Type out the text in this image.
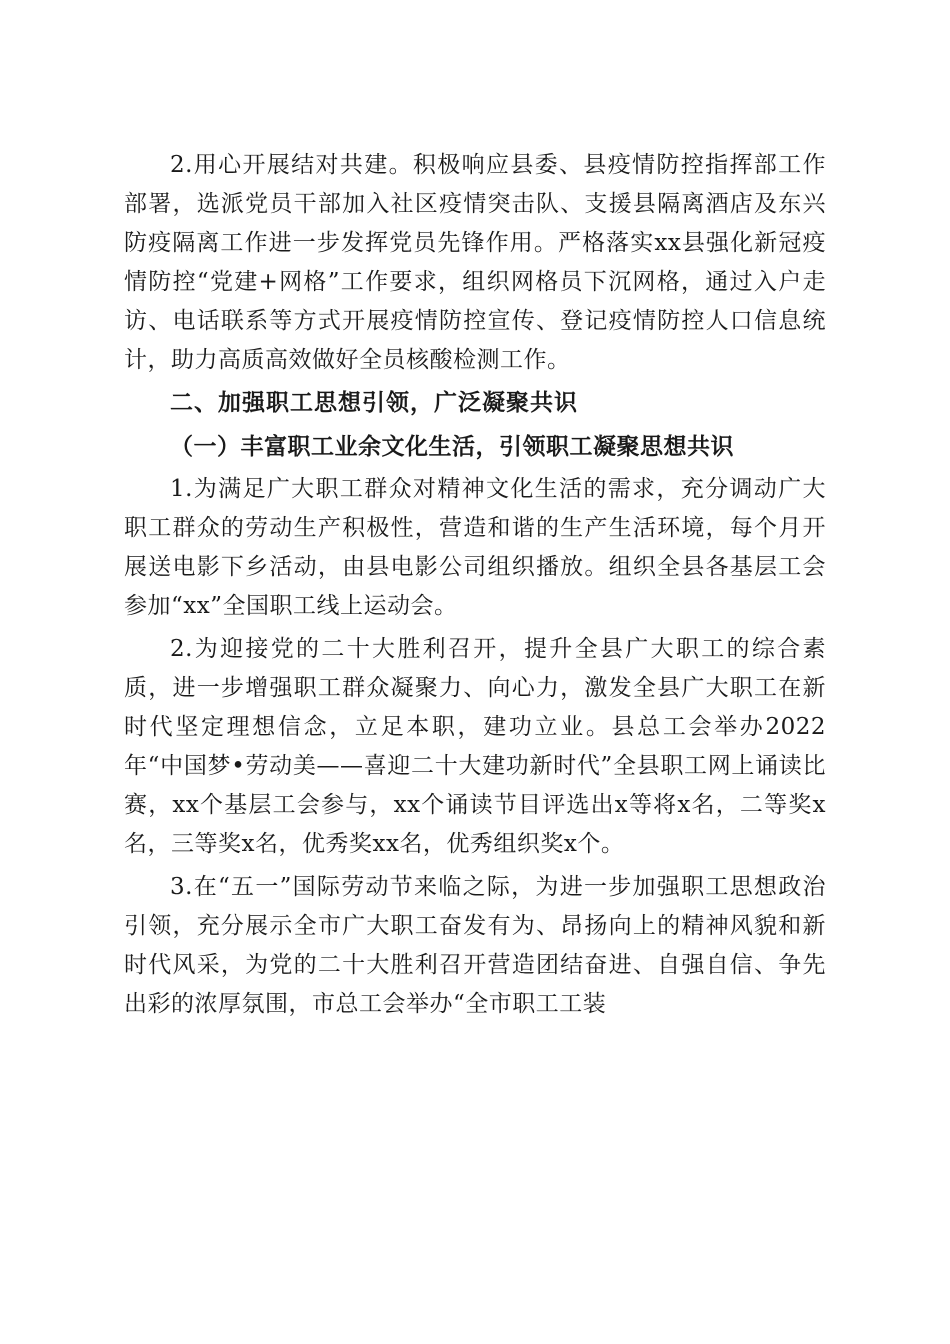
2.用心开展结对共建。积极响应县委、县疫情防控指挥部工作部署，选派党员干部加入社区疫情突击队、支援县隔离酒店及东兴防疫隔离工作进一步发挥党员先锋作用。严格落实xx县强化新冠疫情防控“党建+网格”工作要求，组织网格员下沉网格，通过入户走访、电话联系等方式开展疫情防控宣传、登记疫情防控人口信息统计，助力高质高效做好全员核酸检测工作。

二、加强职工思想引领，广泛凝聚共识

（一）丰富职工业余文化生活，引领职工凝聚思想共识

1.为满足广大职工群众对精神文化生活的需求，充分调动广大职工群众的劳动生产积极性，营造和谐的生产生活环境，每个月开展送电影下乡活动，由县电影公司组织播放。组织全县各基层工会参加“xx”全国职工线上运动会。

2.为迎接党的二十大胜利召开，提升全县广大职工的综合素质，进一步增强职工群众凝聚力、向心力，激发全县广大职工在新时代坚定理想信念，立足本职，建功立业。县总工会举办2022年“中国梦•劳动美——喜迎二十大建功新时代”全县职工网上诵读比赛，xx个基层工会参与，xx个诵读节目评选出x等将x名，二等奖x名，三等奖x名，优秀奖xx名，优秀组织奖x个。

3.在“五一”国际劳动节来临之际，为进一步加强职工思想政治引领，充分展示全市广大职工奋发有为、昂扬向上的精神风貌和新时代风采，为党的二十大胜利召开营造团结奋进、自强自信、争先出彩的浓厚氛围，市总工会举办“全市职工工装
